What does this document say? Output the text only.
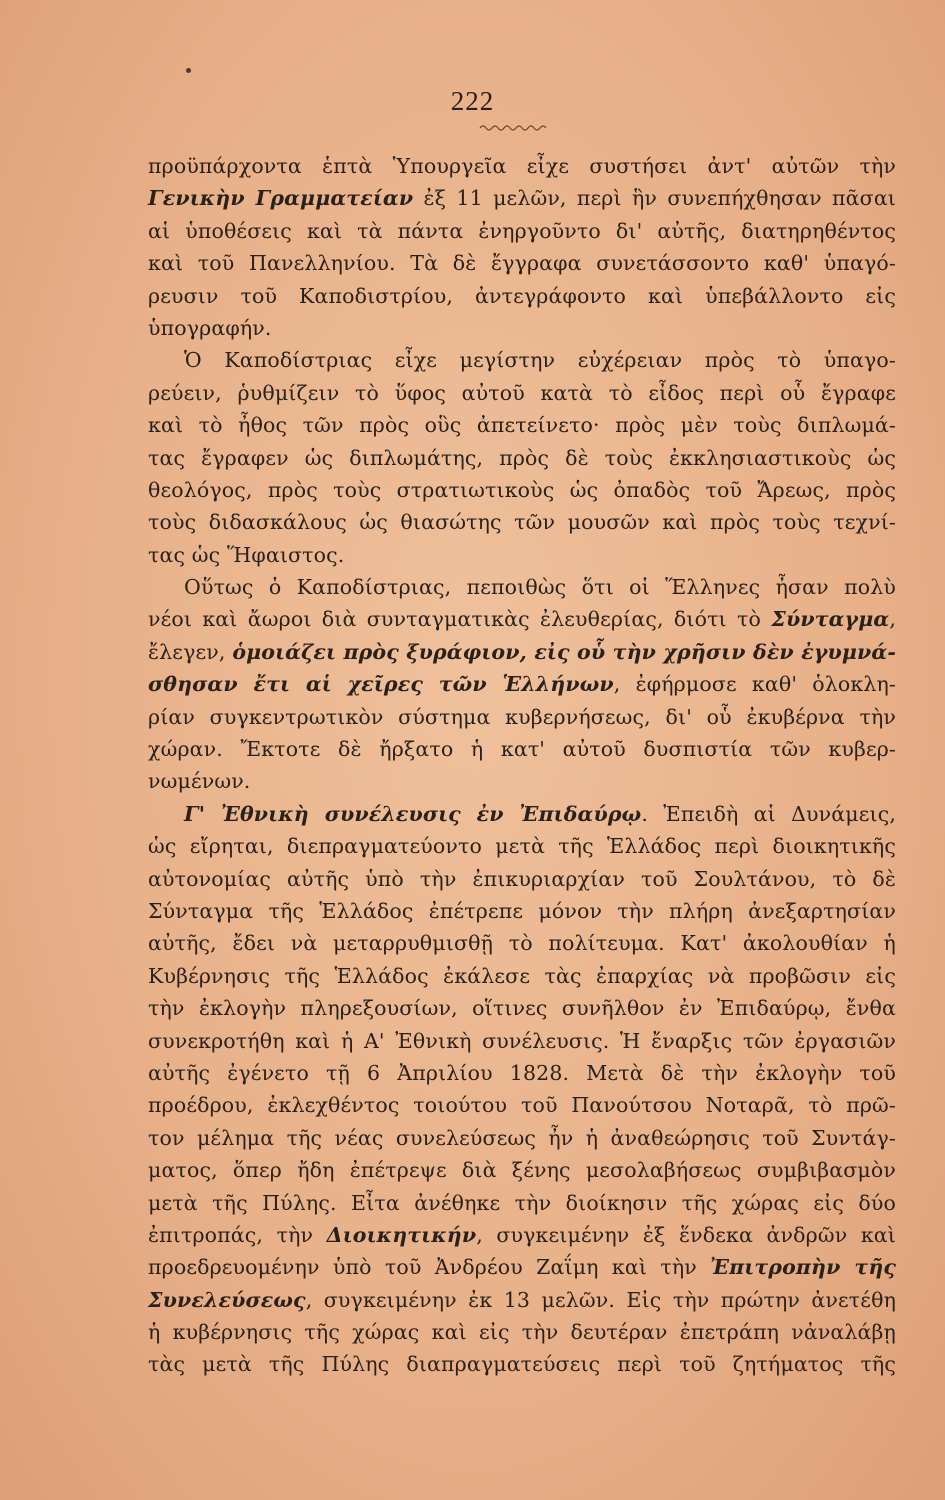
222
προϋπάρχοντα ἑπτὰ Ὑπουργεῖα εἶχε συστήσει ἀντ' αὐτῶν τὴν
Γενικὴν Γραμματείαν ἐξ 11 μελῶν, περὶ ἣν συνεπήχθησαν πᾶσαι
αἱ ὑποθέσεις καὶ τὰ πάντα ἐνηργοῦντο δι' αὐτῆς, διατηρηθέντος
καὶ τοῦ Πανελληνίου. Τὰ δὲ ἔγγραφα συνετάσσοντο καθ' ὑπαγό-
ρευσιν τοῦ Καποδιστρίου, ἀντεγράφοντο καὶ ὑπεβάλλοντο εἰς
ὑπογραφήν.
Ὁ Καποδίστριας εἶχε μεγίστην εὐχέρειαν πρὸς τὸ ὑπαγο-
ρεύειν, ῥυθμίζειν τὸ ὕφος αὐτοῦ κατὰ τὸ εἶδος περὶ οὗ ἔγραφε
καὶ τὸ ἦθος τῶν πρὸς οὓς ἀπετείνετο· πρὸς μὲν τοὺς διπλωμά-
τας ἔγραφεν ὡς διπλωμάτης, πρὸς δὲ τοὺς ἐκκλησιαστικοὺς ὡς
θεολόγος, πρὸς τοὺς στρατιωτικοὺς ὡς ὀπαδὸς τοῦ Ἄρεως, πρὸς
τοὺς διδασκάλους ὡς θιασώτης τῶν μουσῶν καὶ πρὸς τοὺς τεχνί-
τας ὡς Ἥφαιστος.
Οὕτως ὁ Καποδίστριας, πεποιθὼς ὅτι οἱ Ἕλληνες ἦσαν πολὺ
νέοι καὶ ἄωροι διὰ συνταγματικὰς ἐλευθερίας, διότι τὸ Σύνταγμα,
ἔλεγεν, ὁμοιάζει πρὸς ξυράφιον, εἰς οὗ τὴν χρῆσιν δὲν ἐγυμνά-
σθησαν ἔτι αἱ χεῖρες τῶν Ἑλλήνων, ἐφήρμοσε καθ' ὁλοκλη-
ρίαν συγκεντρωτικὸν σύστημα κυβερνήσεως, δι' οὗ ἐκυβέρνα τὴν
χώραν. Ἔκτοτε δὲ ἤρξατο ἡ κατ' αὐτοῦ δυσπιστία τῶν κυβερ-
νωμένων.
Γ' Ἐθνικὴ συνέλευσις ἐν Ἐπιδαύρῳ. Ἐπειδὴ αἱ Δυνάμεις,
ὡς εἴρηται, διεπραγματεύοντο μετὰ τῆς Ἑλλάδος περὶ διοικητικῆς
αὐτονομίας αὐτῆς ὑπὸ τὴν ἐπικυριαρχίαν τοῦ Σουλτάνου, τὸ δὲ
Σύνταγμα τῆς Ἑλλάδος ἐπέτρεπε μόνον τὴν πλήρη ἀνεξαρτησίαν
αὐτῆς, ἔδει νὰ μεταρρυθμισθῇ τὸ πολίτευμα. Κατ' ἀκολουθίαν ἡ
Κυβέρνησις τῆς Ἑλλάδος ἐκάλεσε τὰς ἐπαρχίας νὰ προβῶσιν εἰς
τὴν ἐκλογὴν πληρεξουσίων, οἵτινες συνῆλθον ἐν Ἐπιδαύρῳ, ἔνθα
συνεκροτήθη καὶ ἡ Α' Ἐθνικὴ συνέλευσις. Ἡ ἔναρξις τῶν ἐργασιῶν
αὐτῆς ἐγένετο τῇ 6 Ἀπριλίου 1828. Μετὰ δὲ τὴν ἐκλογὴν τοῦ
προέδρου, ἐκλεχθέντος τοιούτου τοῦ Πανούτσου Νοταρᾶ, τὸ πρῶ-
τον μέλημα τῆς νέας συνελεύσεως ἦν ἡ ἀναθεώρησις τοῦ Συντάγ-
ματος, ὅπερ ἤδη ἐπέτρεψε διὰ ξένης μεσολαβήσεως συμβιβασμὸν
μετὰ τῆς Πύλης. Εἶτα ἀνέθηκε τὴν διοίκησιν τῆς χώρας εἰς δύο
ἐπιτροπάς, τὴν Διοικητικήν, συγκειμένην ἐξ ἕνδεκα ἀνδρῶν καὶ
προεδρευομένην ὑπὸ τοῦ Ἀνδρέου Ζαΐμη καὶ τὴν Ἐπιτροπὴν τῆς
Συνελεύσεως, συγκειμένην ἐκ 13 μελῶν. Εἰς τὴν πρώτην ἀνετέθη
ἡ κυβέρνησις τῆς χώρας καὶ εἰς τὴν δευτέραν ἐπετράπη νἀναλάβῃ
τὰς μετὰ τῆς Πύλης διαπραγματεύσεις περὶ τοῦ ζητήματος τῆς
